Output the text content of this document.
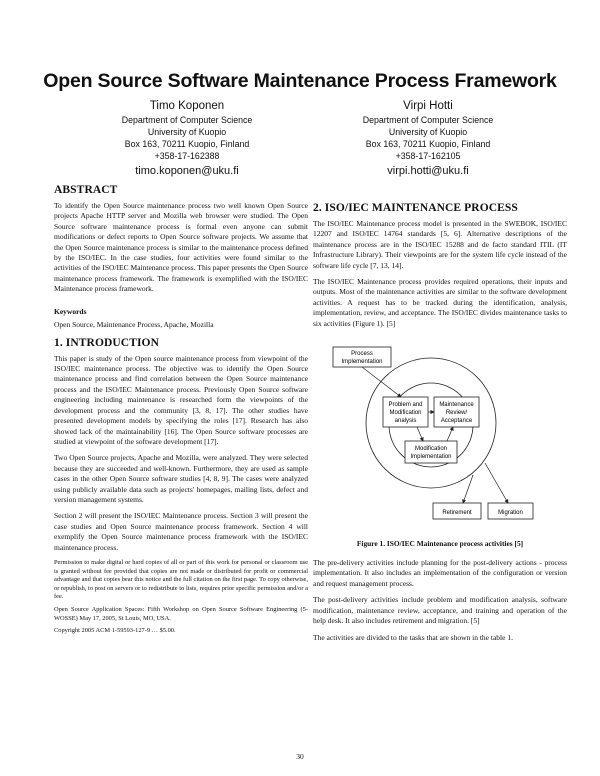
Open Source Software Maintenance Process Framework
Timo Koponen
Department of Computer Science
University of Kuopio
Box 163, 70211 Kuopio, Finland
+358-17-162388
timo.koponen@uku.fi
Virpi Hotti
Department of Computer Science
University of Kuopio
Box 163, 70211 Kuopio, Finland
+358-17-162105
virpi.hotti@uku.fi
ABSTRACT

To identify the Open Source maintenance process two well known Open Source projects Apache HTTP server and Mozilla web browser were studied. The Open Source software maintenance process is formal even anyone can submit modifications or defect reports to Open Source software projects. We assume that the Open Source maintenance process is similar to the maintenance process defined by the ISO/IEC. In the case studies, four activities were found similar to the activities of the ISO/IEC Maintenance process. This paper presents the Open Source maintenance process framework. The framework is exemplified with the ISO/IEC Maintenance process framework.

Keywords
Open Source, Maintenance Process, Apache, Mozilla
1. INTRODUCTION

This paper is study of the Open source maintenance process from viewpoint of the ISO/IEC maintenance process. The objective was to identify the Open Source maintenance process and find correlation between the Open Source maintenance process and the ISO/IEC Maintenance process. Previously Open Source software engineering including maintenance is researched form the viewpoints of the development process and the community [3, 8, 17]. The other studies have presented development models by specifying the roles [17]. Research has also showed lack of the maintainability [16]. The Open Source software processes are studied at viewpoint of the software development [17].

Two Open Source projects, Apache and Mozilla, were analyzed. They were selected because they are succeeded and well-known. Furthermore, they are used as sample cases in the other Open Source software studies [4, 8, 9]. The cases were analyzed using publicly available data such as projects' homepages, mailing lists, defect and version management systems.

Section 2 will present the ISO/IEC Maintenance process. Section 3 will present the case studies and Open Source maintenance process framework. Section 4 will exemplify the Open Source maintenance process framework with the ISO/IEC maintenance process.

Permission to make digital or hard copies of all or part of this work for personal or classroom use is granted without fee provided that copies are not made or distributed for profit or commercial advantage and that copies bear this notice and the full citation on the first page. To copy otherwise, or republish, to post on servers or to redistribute to lists, requires prior specific permission and/or a fee.

Open Source Application Spaces: Fifth Workshop on Open Source Software Engineering (5-WOSSE) May 17, 2005, St Louis, MO, USA.

Copyright 2005 ACM 1-59593-127-9 … $5.00.

2. ISO/IEC MAINTENANCE PROCESS

The ISO/IEC Maintenance process model is presented in the SWEBOK, ISO/IEC 12207 and ISO/IEC 14764 standards [5, 6]. Alternative descriptions of the maintenance process are in the ISO/IEC 15288 and de facto standard ITIL (IT Infrastructure Library). Their viewpoints are for the system life cycle instead of the software life cycle [7, 13, 14].

The ISO/IEC Maintenance process provides required operations, their inputs and outputs. Most of the maintenance activities are similar to the software development activities. A request has to be tracked during the identification, analysis, implementation, review, and acceptance. The ISO/IEC divides maintenance tasks to six activities (Figure 1). [5]

Process
Implementation
Problem and
Modification
analysis
Maintenance
Review/
Acceptance
Modification
Implementation
Retirement	Migration
Figure 1. ISO/IEC Maintenance process activities [5]

The pre-delivery activities include planning for the post-delivery actions - process implementation. It also includes an implementation of the configuration or version and request management process.

The post-delivery activities include problem and modification analysis, software modification, maintenance review, acceptance, and training and operation of the help desk. It also includes retirement and migration. [5]

The activities are divided to the tasks that are shown in the table 1.

30
